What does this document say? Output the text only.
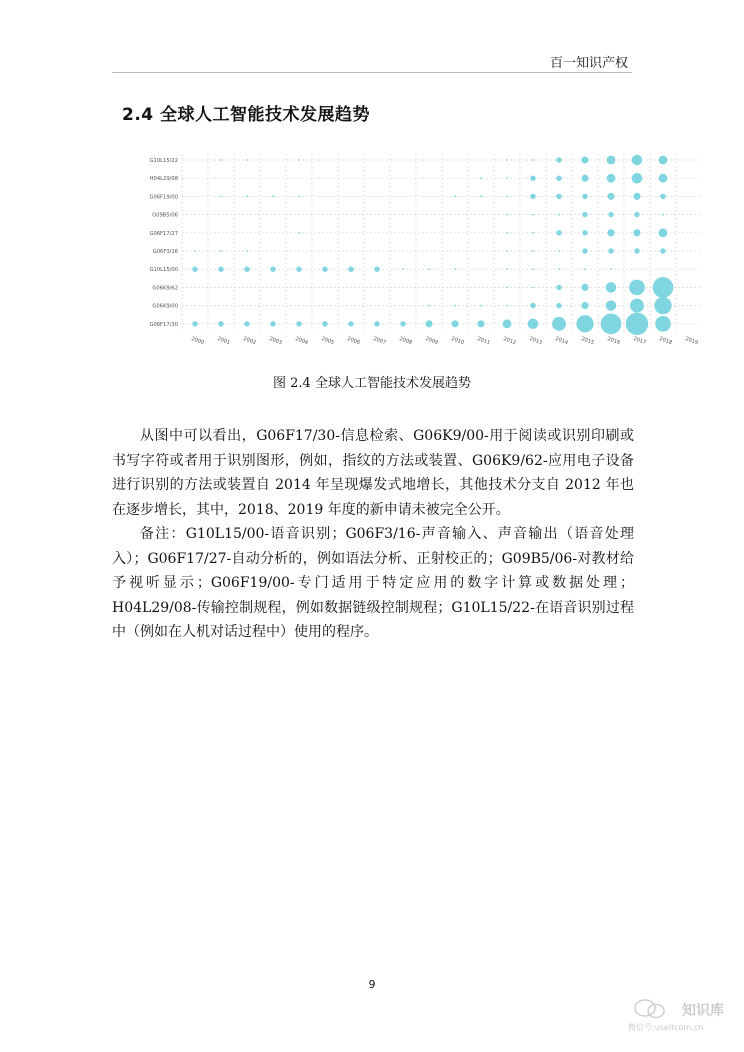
百一知识产权
2.4 全球人工智能技术发展趋势
G10L15/22
H04L29/08
G06F19/00
G09B5/06
G06F17/27
G06F3/16
G10L15/00
G06K9/62
G06K9/00
G06F17/30
2000 2001 2002 2003 2004 2005 2006 2007 2008 2009 2010 2011 2012 2013 2014 2015 2016 2017 2018 2019
图 2.4 全球人工智能技术发展趋势

从图中可以看出，G06F17/30-信息检索、G06K9/00-用于阅读或识别印刷或书写字符或者用于识别图形，例如，指纹的方法或装置、G06K9/62-应用电子设备进行识别的方法或装置自 2014 年呈现爆发式地增长，其他技术分支自 2012 年也在逐步增长，其中，2018、2019 年度的新申请未被完全公开。

备注：G10L15/00-语音识别；G06F3/16-声音输入、声音输出（语音处理入）；G06F17/27-自动分析的，例如语法分析、正射校正的；G09B5/06-对教材给予视听显示；G06F19/00-专门适用于特定应用的数字计算或数据处理；H04L29/08-传输控制规程，例如数据链级控制规程；G10L15/22-在语音识别过程中（例如在人机对话过程中）使用的程序。

9
知识库
微信号:useitcom.cn
